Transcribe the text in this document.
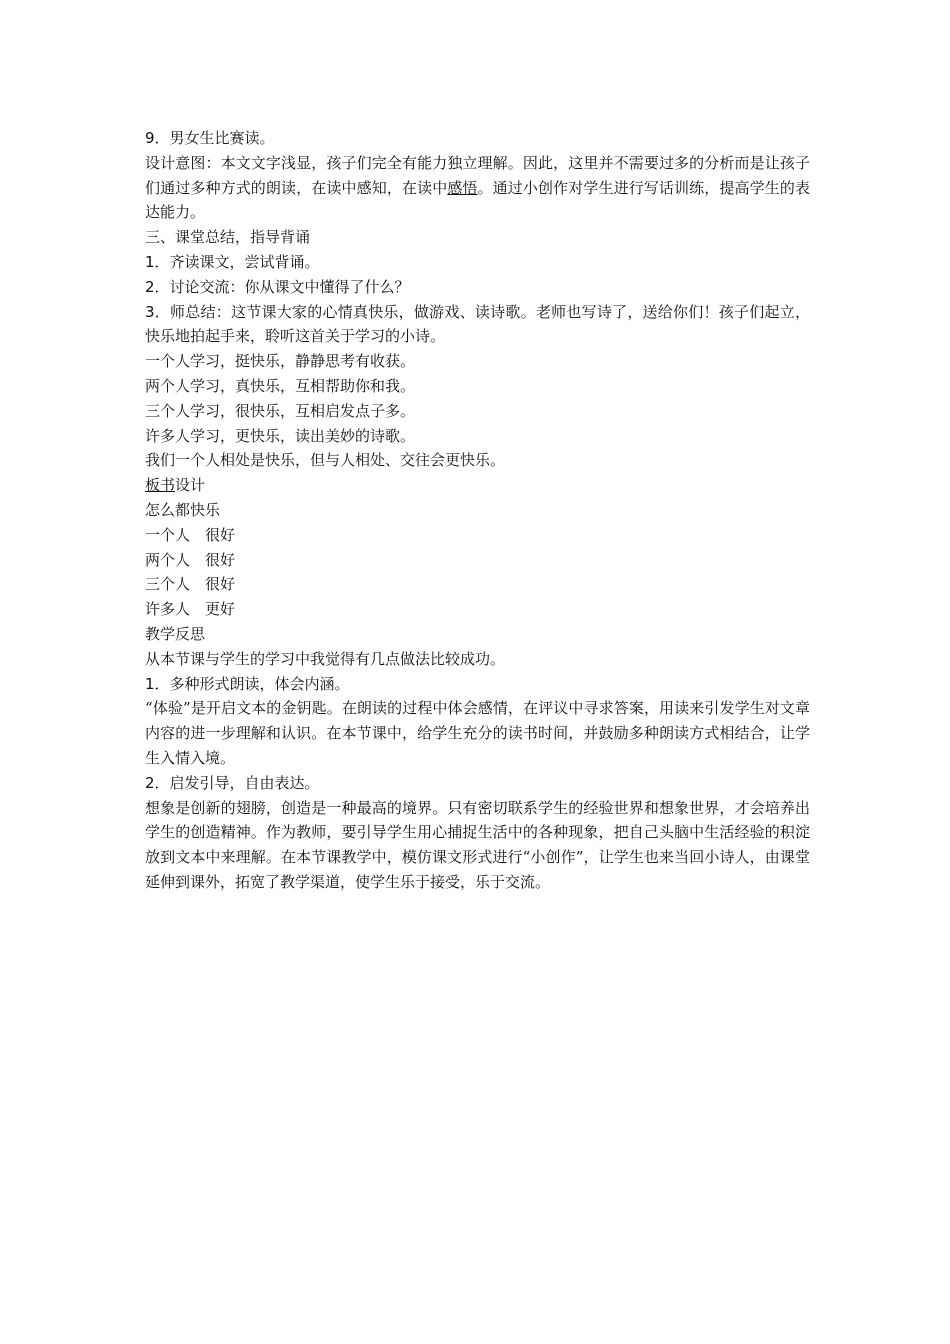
9．男女生比赛读。
设计意图：本文文字浅显，孩子们完全有能力独立理解。因此，这里并不需要过多的分析而是让孩子们通过多种方式的朗读，在读中感知，在读中感悟。通过小创作对学生进行写话训练，提高学生的表达能力。
三、课堂总结，指导背诵
1．齐读课文，尝试背诵。
2．讨论交流：你从课文中懂得了什么？
3．师总结：这节课大家的心情真快乐，做游戏、读诗歌。老师也写诗了，送给你们！孩子们起立，快乐地拍起手来，聆听这首关于学习的小诗。
一个人学习，挺快乐，静静思考有收获。
两个人学习，真快乐，互相帮助你和我。
三个人学习，很快乐，互相启发点子多。
许多人学习，更快乐，读出美妙的诗歌。
我们一个人相处是快乐，但与人相处、交往会更快乐。
板书设计
怎么都快乐
一个人　很好
两个人　很好
三个人　很好
许多人　更好
教学反思
从本节课与学生的学习中我觉得有几点做法比较成功。
1．多种形式朗读，体会内涵。
“体验”是开启文本的金钥匙。在朗读的过程中体会感情，在评议中寻求答案，用读来引发学生对文章内容的进一步理解和认识。在本节课中，给学生充分的读书时间，并鼓励多种朗读方式相结合，让学生入情入境。
2．启发引导，自由表达。
想象是创新的翅膀，创造是一种最高的境界。只有密切联系学生的经验世界和想象世界，才会培养出学生的创造精神。作为教师，要引导学生用心捕捉生活中的各种现象，把自己头脑中生活经验的积淀放到文本中来理解。在本节课教学中，模仿课文形式进行“小创作”，让学生也来当回小诗人，由课堂延伸到课外，拓宽了教学渠道，使学生乐于接受，乐于交流。
